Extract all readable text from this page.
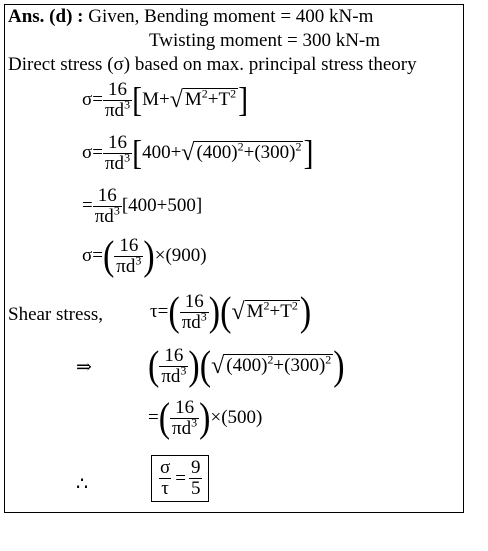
Ans. (d) : Given, Bending moment = 400 kN-m
Twisting moment = 300 kN-m
Direct stress (σ) based on max. principal stress theory
$\sigma= \frac{16}{\pi d^3} [M+√$ $M^2+T^2$]
$\sigma= \frac{16}{\pi d^3} [400+√$ $(400)^2+(300)^2$]
= $\frac{16}{\pi d^3} [400+500]$
$\sigma=( \frac{16}{\pi d^3} )\times(900)$
Shear stress, $\tau=( \frac{16}{\pi d^3}$ )(√ $M^2+T^2$)
⇒ ( $\frac{16}{\pi d^3}$ )(√ $(400)^2+(300)^2$)
=( $\frac{16}{\pi d^3} )\times(500)$
∴	$\frac{\sigma}{\tau} = \frac{9}{5}$
